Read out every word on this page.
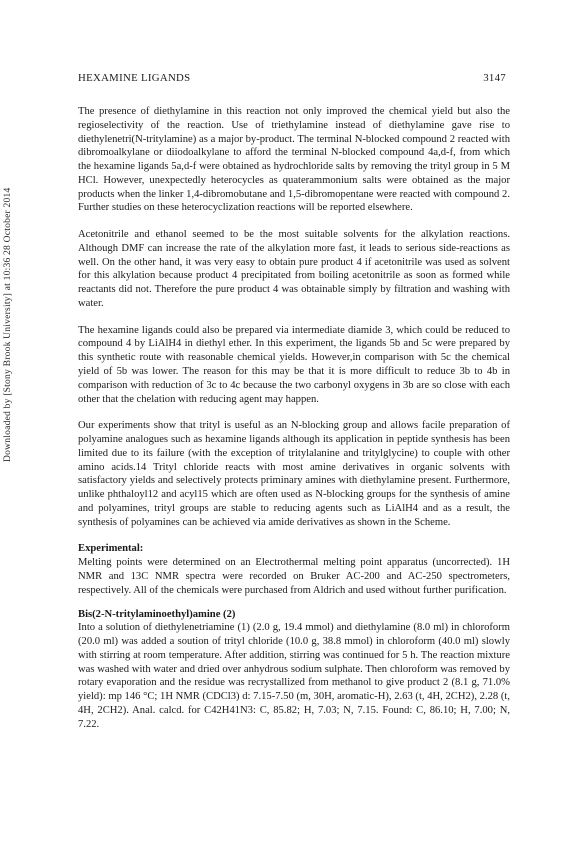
HEXAMINE LIGANDS	3147
Downloaded by [Stony Brook University] at 10:36 28 October 2014

The presence of diethylamine in this reaction not only improved the chemical yield but also the regioselectivity of the reaction. Use of triethylamine instead of diethylamine gave rise to diethylenetri(N-tritylamine) as a major by-product. The terminal N-blocked compound 2 reacted with dibromoalkylane or diiodoalkylane to afford the terminal N-blocked compound 4a,d-f, from which the hexamine ligands 5a,d-f were obtained as hydrochloride salts by removing the trityl group in 5 M HCl. However, unexpectedly heterocycles as quaterammonium salts were obtained as the major products when the linker 1,4-dibromobutane and 1,5-dibromopentane were reacted with compound 2. Further studies on these heterocyclization reactions will be reported elsewhere.

Acetonitrile and ethanol seemed to be the most suitable solvents for the alkylation reactions. Although DMF can increase the rate of the alkylation more fast, it leads to serious side-reactions as well. On the other hand, it was very easy to obtain pure product 4 if acetonitrile was used as solvent for this alkylation because product 4 precipitated from boiling acetonitrile as soon as formed while reactants did not. Therefore the pure product 4 was obtainable simply by filtration and washing with water.

The hexamine ligands could also be prepared via intermediate diamide 3, which could be reduced to compound 4 by LiAlH4 in diethyl ether. In this experiment, the ligands 5b and 5c were prepared by this synthetic route with reasonable chemical yields. However,in comparison with 5c the chemical yield of 5b was lower. The reason for this may be that it is more difficult to reduce 3b to 4b in comparison with reduction of 3c to 4c because the two carbonyl oxygens in 3b are so close with each other that the chelation with reducing agent may happen.

Our experiments show that trityl is useful as an N-blocking group and allows facile preparation of polyamine analogues such as hexamine ligands although its application in peptide synthesis has been limited due to its failure (with the exception of tritylalanine and tritylglycine) to couple with other amino acids.14 Trityl chloride reacts with most amine derivatives in organic solvents with satisfactory yields and selectively protects priminary amines with diethylamine present. Furthermore, unlike phthaloyl12 and acyl15 which are often used as N-blocking groups for the synthesis of amine and polyamines, trityl groups are stable to reducing agents such as LiAlH4 and as a result, the synthesis of polyamines can be achieved via amide derivatives as shown in the Scheme.

Experimental:

Melting points were determined on an Electrothermal melting point apparatus (uncorrected). 1H NMR and 13C NMR spectra were recorded on Bruker AC-200 and AC-250 spectrometers, respectively. All of the chemicals were purchased from Aldrich and used without further purification.

Bis(2-N-tritylaminoethyl)amine (2)

Into a solution of diethylenetriamine (1) (2.0 g, 19.4 mmol) and diethylamine (8.0 ml) in chloroform (20.0 ml) was added a soution of trityl chloride (10.0 g, 38.8 mmol) in chloroform (40.0 ml) slowly with stirring at room temperature. After addition, stirring was continued for 5 h. The reaction mixture was washed with water and dried over anhydrous sodium sulphate. Then chloroform was removed by rotary evaporation and the residue was recrystallized from methanol to give product 2 (8.1 g, 71.0% yield): mp 146 °C; 1H NMR (CDCl3) d: 7.15-7.50 (m, 30H, aromatic-H), 2.63 (t, 4H, 2CH2), 2.28 (t, 4H, 2CH2). Anal. calcd. for C42H41N3: C, 85.82; H, 7.03; N, 7.15. Found: C, 86.10; H, 7.00; N, 7.22.
